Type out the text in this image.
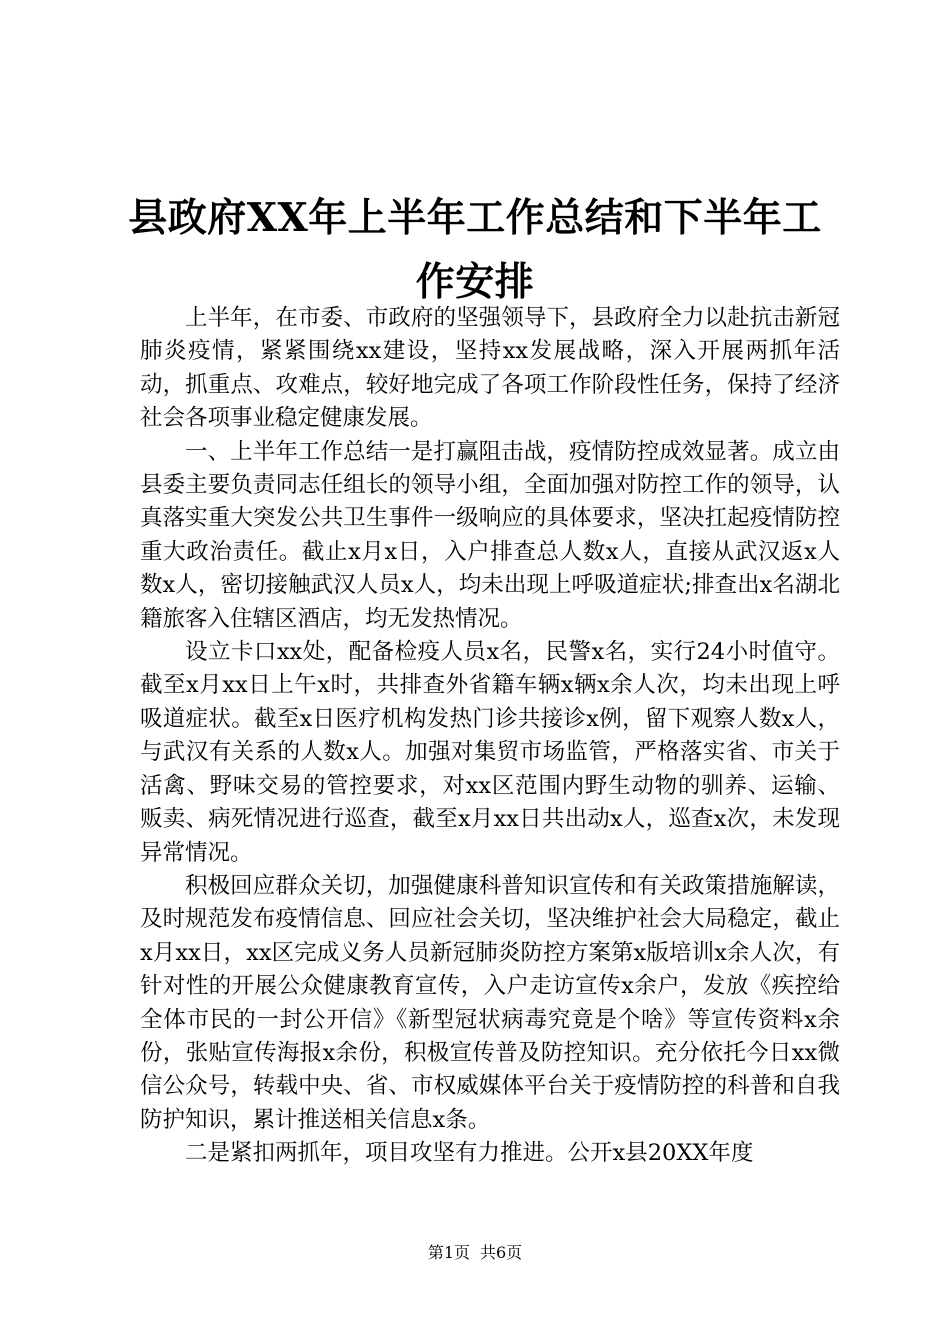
县政府XX年上半年工作总结和下半年工作安排

上半年，在市委、市政府的坚强领导下，县政府全力以赴抗击新冠肺炎疫情，紧紧围绕xx建设，坚持xx发展战略，深入开展两抓年活动，抓重点、攻难点，较好地完成了各项工作阶段性任务，保持了经济社会各项事业稳定健康发展。

一、上半年工作总结一是打赢阻击战，疫情防控成效显著。成立由县委主要负责同志任组长的领导小组，全面加强对防控工作的领导，认真落实重大突发公共卫生事件一级响应的具体要求，坚决扛起疫情防控重大政治责任。截止x月x日，入户排查总人数x人，直接从武汉返x人数x人，密切接触武汉人员x人，均未出现上呼吸道症状;排查出x名湖北籍旅客入住辖区酒店，均无发热情况。

设立卡口xx处，配备检疫人员x名，民警x名，实行24小时值守。截至x月xx日上午x时，共排查外省籍车辆x辆x余人次，均未出现上呼吸道症状。截至x日医疗机构发热门诊共接诊x例，留下观察人数x人，与武汉有关系的人数x人。加强对集贸市场监管，严格落实省、市关于活禽、野味交易的管控要求，对xx区范围内野生动物的驯养、运输、贩卖、病死情况进行巡查，截至x月xx日共出动x人，巡查x次，未发现异常情况。

积极回应群众关切，加强健康科普知识宣传和有关政策措施解读，及时规范发布疫情信息、回应社会关切，坚决维护社会大局稳定，截止x月xx日，xx区完成义务人员新冠肺炎防控方案第x版培训x余人次，有针对性的开展公众健康教育宣传，入户走访宣传x余户，发放《疾控给全体市民的一封公开信》《新型冠状病毒究竟是个啥》等宣传资料x余份，张贴宣传海报x余份，积极宣传普及防控知识。充分依托今日xx微信公众号，转载中央、省、市权威媒体平台关于疫情防控的科普和自我防护知识，累计推送相关信息x条。

二是紧扣两抓年，项目攻坚有力推进。公开x县20XX年度

第1页 共6页
